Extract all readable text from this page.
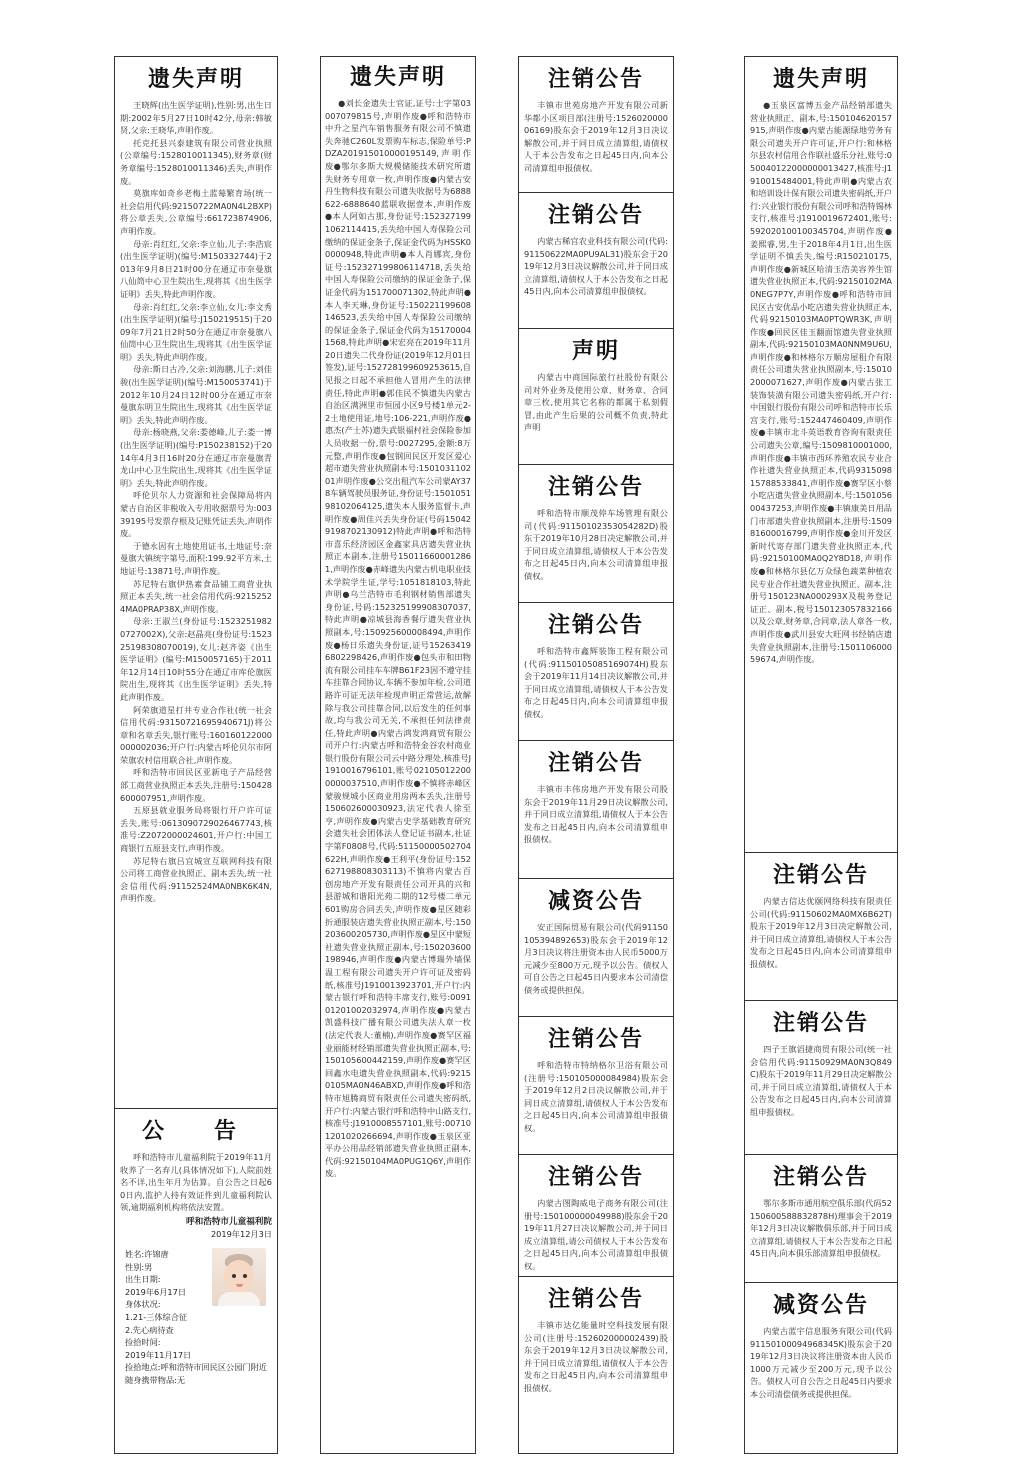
遗失声明

王晓辉(出生医学证明),性别:男,出生日期:2002年5月27日10时42分,母亲:韩敏贤,父亲:王晓华,声明作废。

托克托县兴泰建筑有限公司营业执照(公章编号:1528010011345),财务章(财务章编号:1528010011346)丢失,声明作废。

莫旗库如奇乡老梅土蓝莓繁育场(统一社会信用代码:92150722MA0N4L2BXP)将公章丢失,公章编号:661723874906,声明作废。

母亲:肖红红,父亲:李立仙,儿子:李浩宸(出生医学证明)(编号:M150332744)于2013年9月8日21时00分在通辽市奈曼旗八仙筒中心卫生院出生,现将其《出生医学证明》丢失,特此声明作废。

母亲:肖红红,父亲:李立仙,女儿:李文秀(出生医学证明)(编号:J150219515)于2009年7月21日2时50分在通辽市奈曼旗八仙筒中心卫生院出生,现将其《出生医学证明》丢失,特此声明作废。

母亲:斯日古冷,父亲:刘海鹏,儿子:刘佳骏(出生医学证明)(编号:M150053741)于2012年10月24日12时00分在通辽市奈曼旗东明卫生院出生,现将其《出生医学证明》丢失,特此声明作废。

母亲:杨晓燕,父亲:娄德峰,儿子:娄一博(出生医学证明)(编号:P150238152)于2014年4月3日16时20分在通辽市奈曼旗青龙山中心卫生院出生,现将其《出生医学证明》丢失,特此声明作废。

呼伦贝尔人力资源和社会保障局将内蒙古自治区非税收入专用收据票号为:00339195号发票存根及记账凭证丢失,声明作废。

于德永因有土地使用证书,土地证号:奈曼旗大镇统字第号,面积:199.92平方米,土地证号:13871号,声明作废。

苏尼特右旗伊热素食品铺工商营业执照正本丢失,统一社会信用代码:92152524MA0PRAP38X,声明作废。

母亲:王淑兰(身份证号:152325198207270​02X),父亲:赵晶亮(身份证号:152325198308070019),女儿:赵齐姿《出生医学证明》(编号:M150057165)于2011年12月14日10时55分在通辽市库伦旗医院出生,现将其《出生医学证明》丢失,特此声明作废。

阿荣旗道星打井专业合作社(统一社会信用代码:93150721695940671J)将公章和名章丢失,银行账号:160160122000000002036;开户行:内蒙古呼伦贝尔市阿荣旗农村信用联合社,声明作废。

呼和浩特市回民区亚新电子产品经营部工商营业执照正本丢失,注册号:150428600007951,声明作废。

五原县就业服务局将银行开户许可证丢失,账号:061309072902646774​3,核准号:Z2072000024601,开户行:中国工商银行五原县支行,声明作废。

苏尼特右旗吕宜城宣互联网科技有限公司将工商营业执照正、副本丢失,统一社会信用代码:91152524MA0NBK6K4N,声明作废。

公　告

呼和浩特市儿童福利院于2019年11月收养了一名弃儿(具体情况如下),人院前姓名不详,出生年月为估算。自公告之日起60日内,监护人持有效证件到儿童福利院认领,逾期福利机构将依法安置。

呼和浩特市儿童福利院

2019年12月3日

姓名:许锦唐

性别:男

出生日期:

2019年6月17日

身体状况:

1.21-三体综合征

2.先心病待查

捡拾时间:

2019年11月17日

捡拾地点:呼和浩特市回民区公园门附近

随身携带物品:无

遗失声明

●刘长金遗失士官证,证号:士字第03007079815号,声明作废●呼和浩特市中升之星汽车销售服务有限公司不慎遗失奔驰C260L发票购车标志,保险单号:PDZA201915010000195149,声明作废●鄂尔多斯大规模储能技术研究所遗失财务专用章一枚,声明作废●内蒙古安丹生物科技有限公司遗失收据号为6888622-6888640蓝联收据壹本,声明作废●本人阿如古那,身份证号:152327199106211441​5,丢失给中国人寿保险公司缴纳的保证金条子,保证金代码为HSSK00000948,特此声明●本人肖娜宾,身份证号:152327199806114718,丢失给中国人寿保险公司缴纳的保证金条子,保证金代码为151700071302,特此声明●本人李天琳,身份证号:150221199608146523,丢失给中国人寿保险公司缴纳的保证金条子,保证金代码为151700041568,特此声明●宋宏亮在2019年11月20日遗失二代身份证(2019年12月01日签发),证号:152728199609253615,自见报之日起不承担他人冒用产生的法律责任,特此声明●郭佳民不慎遗失内蒙古自治区满洲里市恒园小区9号楼1单元2-2土地使用证,地号:106-221,声明作废●惠杰(产士苏)遗失武银福村社会保险参加人员收据一份,票号:0027295,金额:8万元整,声明作废●包钢回民区开发区爱心超市遗失营业执照副本号:150103110201声明作废●公交出租汽车公司蒙AY378车辆驾驶员服务证,身份证号:150105198102064125,遗失本人服务监督卡,声明作废●周佳兴丢失身份证(号码150429198702130912)特此声明●呼和浩特市喜乐经济园区金鑫家具店遗失营业执照正本副本,注册号150116600012861,声明作废●赤峰遗失内蒙古机电职业技术学院学生证,学号:1051818103,特此声明●乌兰浩特市毛利钢材销售部遗失身份证,号码:15232519990​8307037,特此声明●凉城县海香餐厅遗失营业执照副本,号:150925600008494,声明作废●杨日乐遗失身份证,证号152634196802298426,声明作废●包头市和田物流有限公司挂车车牌B61F23因不遵守挂车挂靠合同协议,车辆不参加年检,公司道路许可证无法年检现声明正常营运,故解除与我公司挂靠合同,以后发生的任何事故,均与我公司无关,不承担任何法律责任,特此声明●内蒙古鸿发鸿商贸有限公司开户行:内蒙古呼和浩特金谷农村商业银行股份有限公司云中路分理处,核准号J1910016796101,账号021050122000000037510,声明作废●不慎将赤峰区蒙骏规城小区商业用房两本丢失,注册号150602600030923,法定代表人徐至亨,声明作废●内蒙古史学基础教育研究会遗失社会团体法人登记证书副本,社证字第F0808号,代码:511500005027​04622H,声明作废●王利平(身份证号:152627198808303113)不慎将内蒙古百创房地产开发有限责任公司开具的兴和县游城和谐阳光苑二期的12号楼二单元601购房合同丢失,声明作废●星区随彩折通服装店遗失营业执照正副本,号:150203600205730,声明作废●星区中蒙短社遗失营业执照正副本,号:150203600198946,声明作废●内蒙古博瑞外墙保温工程有限公司遗失开户许可证及密码纸,核准号J1910013923701,开户行:内蒙古银行呼和浩特丰席支行,账号:009101201002032974,声明作废●内蒙古凯盛科技广播有限公司遗失法人章一枚(法定代表人:董楠),声明作废●赛罕区福业丽能材经销部遗失营业执照正副本,号:150105600442159,声明作废●赛罕区回鑫水电遗失营业执照副本,代码:92150105MA0N46ABXD,声明作废●呼和浩特市旭腾商贸有限责任公司遗失密码纸,开户行:内蒙古银行呼和浩特中山路支行,核准号:J1910008557101,账号:007101201020266694,声明作废●玉泉区亚平办公用品经销部遗失营业执照正副本,代码:92150104MA0PUG1Q6Y,声明作废。

注销公告

丰镇市世苑房地产开发有限公司新华都小区项目部(注册号:152602000006169)股东会于2019年12月3日决议解散公司,并于同日成立清算组,请债权人于本公告发布之日起45日内,向本公司清算组申报债权。

注销公告

内蒙古稀宫农业科技有限公司(代码:91150622MA0PU9AL31)股东会于2019年12月3日决议解散公司,并于同日成立清算组,请债权人于本公告发布之日起45日内,向本公司清算组申报债权。

声明

内蒙古中商国际旅行社股份有限公司对外业务及使用公章、财务章、合同章三枚,使用其它名称的都属于私刻假冒,由此产生后果的公司概不负责,特此声明

注销公告

呼和浩特市顺茂停车场管理有限公司(代码:91150102353054282D)股东于2019年10月28日决定解散公司,并于同日成立清算组,请债权人于本公告发布之日起45日内,向本公司清算组申报债权。

注销公告

呼和浩特市鑫辉装饰工程有限公司(代码:91150105085169074H)股东会于2019年11月14日决议解散公司,并于同日成立清算组,请债权人于本公告发布之日起45日内,向本公司清算组申报债权。

注销公告

丰镇市丰伟房地产开发有限公司股东会于2019年11月29日决议解散公司,并于同日成立清算组,请债权人于本公告发布之日起45日内,向本公司清算组申报债权。

减资公告

安正国际贸易有限公司(代码911501053948926​53)股东会于2019年12月3日决议将注册资本由人民币5000万元减少至800万元,现予以公告。债权人可自公告之日起45日内要求本公司清偿债务或提供担保。

注销公告

呼和浩特市特纳格尔卫浴有限公司(注册号:150105000084984)股东会于2019年12月2日决议解散公司,并于同日成立清算组,请债权人于本公告发布之日起45日内,向本公司清算组申报债权。

注销公告

内蒙古图陶威电子商务有限公司(注册号:150100000049988)股东会于2019年11月27日决议解散公司,并于同日成立清算组,请公司债权人于本公告发布之日起45日内,向本公司清算组申报债权。

注销公告

丰镇市达亿能量时空科技发展有限公司(注册号:152602000002439)股东会于2019年12月3日决议解散公司,并于同日成立清算组,请债权人于本公告发布之日起45日内,向本公司清算组申报债权。

遗失声明

●玉泉区富博五金产品经销部遗失营业执照正、副本,号:150104620157915,声明作废●内蒙古能源绿地劳务有限公司遗失开户许可证,开户行:和林格尔县农村信用合作联社盛乐分社,账号:050040122000000013427,核准号:J1910015484001,特此声明●内蒙古农和培训设计保有限公司遗失密码纸,开户行:兴业银行股份有限公司呼和浩特锡林支行,核准号:J1910019672401,账号:592020100100345704,声明作废●姜熙睿,男,生于2018年4月1日,出生医学证明不慎丢失,编号:R150210175,声明作废●新城区哈清玉浩美容养生馆遗失营业执照正本,代码:92150102MA0NEG7P7Y,声明作废●呼和浩特市回民区古安优品小吃店遗失营业执照正本,代码92150103MA0PTQWR3K,声明作废●回民区佳玉翻面馆遗失营业执照副本,代码:92150103MA0NNM9U6U,声明作废●和林格尔万顺房屋租介有限责任公司遗失营业执照副本,号:150102000071627,声明作废●内蒙古张工装饰装潢有限公司遗失密码纸,开户行:中国银行股份有限公司呼和浩特市长乐宫支行,账号:152447460409,声明作废●丰镇市北斗英语教育咨询有限责任公司遗失公章,编号:1509810001000,声明作废●丰镇市西环养殖农民专业合作社遗失营业执照正本,代码93150981578853384​1,声明作废●赛罕区小蔡小吃店遗失营业执照副本,号:150105600437253,声明作废●丰镇康美日用品门市部遗失营业执照副本,注册号:150981600016799,声明作废●金川开发区新时代寄存部门遗失营业执照正本,代码:92150100MA0Q2Y8D18,声明作废●和林格尔县亿万众绿色蔬菜种植农民专业合作社遗失营业执照正、副本,注册号150123NA000293X及税务登记证正、副本,税号150123057832166以及公章,财务章,合同章,法人章各一枚,声明作废●武川县安大旺网书经销店遗失营业执照副本,注册号:150110600059674,声明作废。

注销公告

内蒙古信达优颐网络科技有限责任公司(代码:91150602MA0MX6B62T)股东于2019年12月3日决定解散公司,并于同日成立清算组,请债权人于本公告发布之日起45日内,向本公司清算组申报债权。

注销公告

四子王旗滔捷商贸有限公司(统一社会信用代码:91150929MA0N3Q849C)股东于2019年11月29日决定解散公司,并于同日成立清算组,请债权人于本公告发布之日起45日内,向本公司清算组申报债权。

注销公告

鄂尔多斯市通用航空俱乐部(代码52150600588832878H)理事会于2019年12月3日决议解散俱乐部,并于同日成立清算组,请债权人于本公告发布之日起45日内,向本俱乐部清算组申报债权。

减资公告

内蒙古蓝宇信息服务有限公司(代码91150100094968345K)股东会于2019年12月3日决议将注册资本由人民币1000万元减少至200万元,现予以公告。债权人可自公告之日起45日内要求本公司清偿债务或提供担保。
